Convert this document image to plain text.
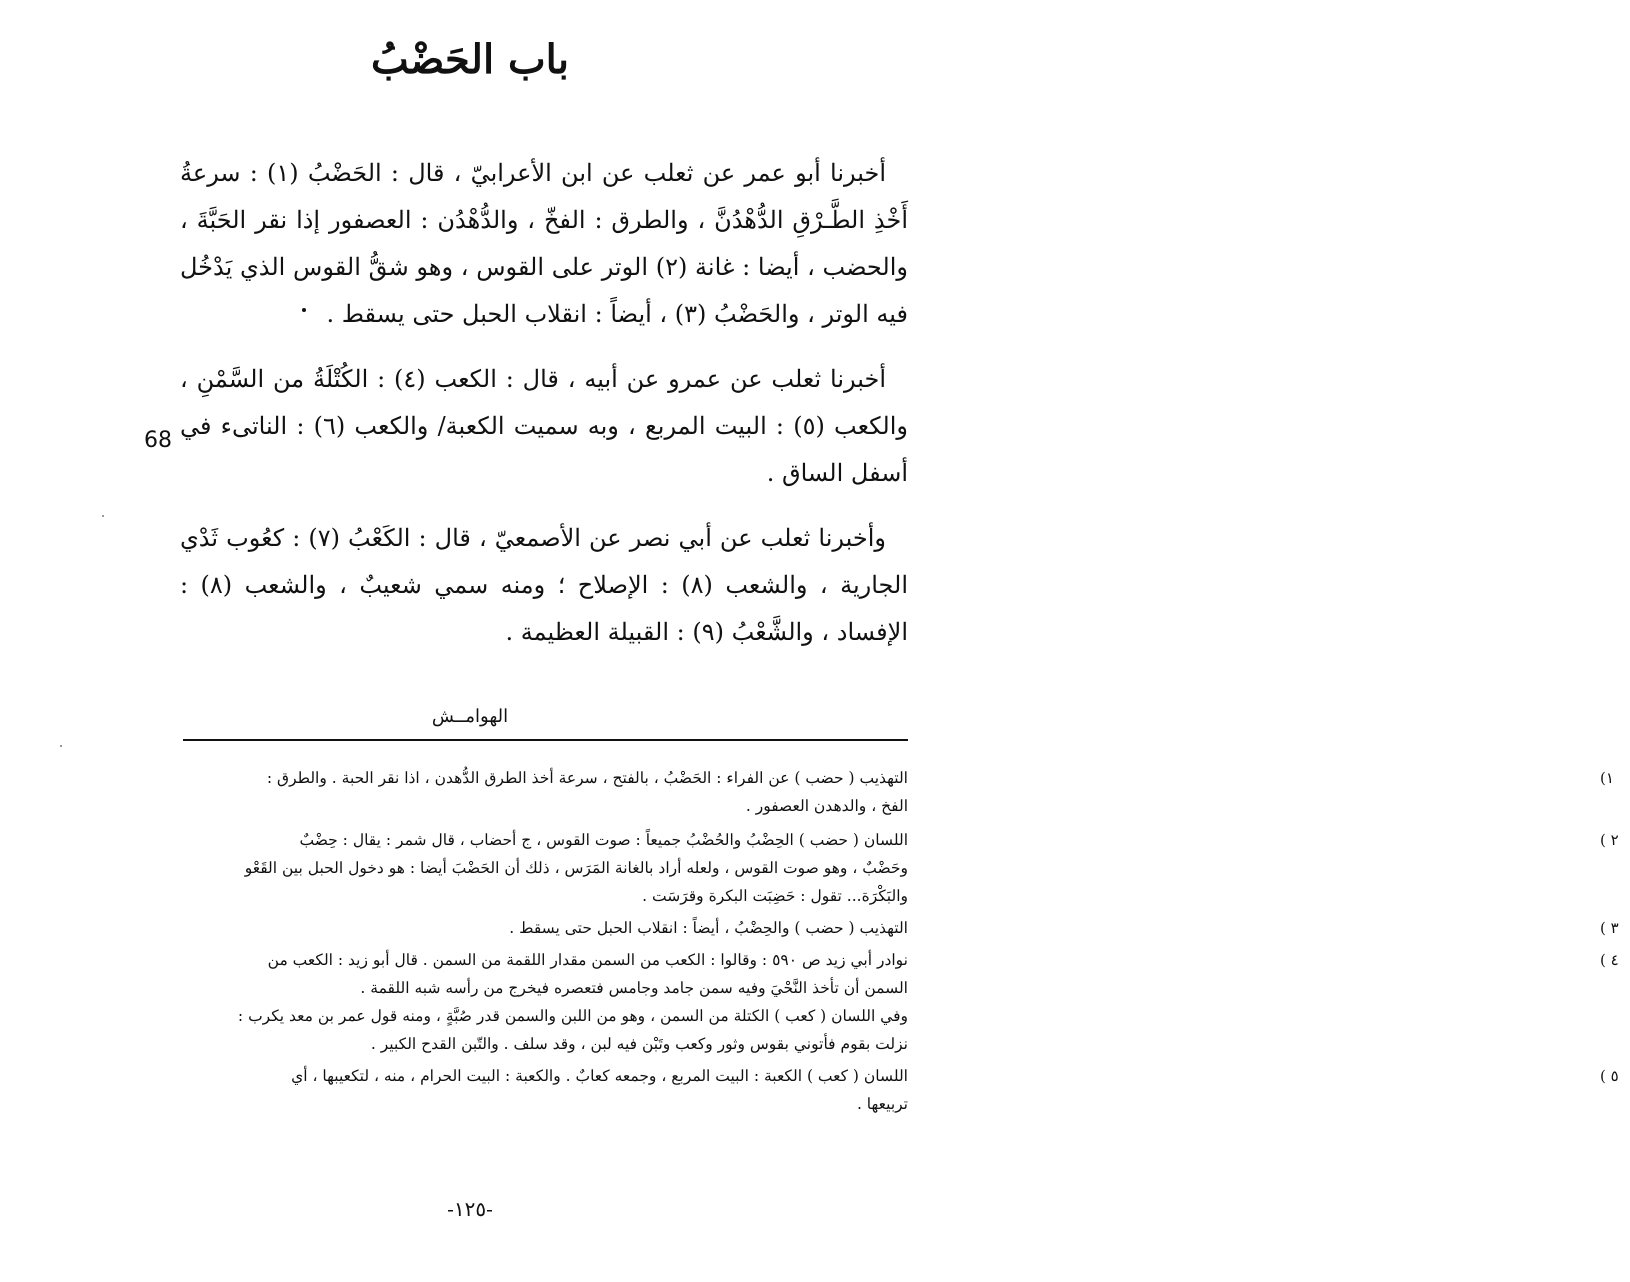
باب الحَضْبُ

أخبرنا أبو عمر عن ثعلب عن ابن الأعرابيّ ، قال : الحَضْبُ (١) : سرعةُ أَخْذِ الطَّـرْقِ الدُّهْدُنَّ ، والطرق : الفخّ ، والدُّهْدُن : العصفور إذا نقر الحَبَّةَ ، والحضب ، أيضا : غانة (٢) الوتر على القوس ، وهو شقُّ القوس الذي يَدْخُل فيه الوتر ، والحَضْبُ (٣) ، أيضاً : انقلاب الحبل حتى يسقط .

أخبرنا ثعلب عن عمرو عن أبيه ، قال : الكعب (٤) : الكُتْلَةُ من السَّمْنِ ، والكعب (٥) : البيت المربع ، وبه سميت الكعبة/ والكعب (٦) : الناتىء في أسفل الساق .

وأخبرنا ثعلب عن أبي نصر عن الأصمعيّ ، قال : الكَعْبُ (٧) : كعُوب ثَدْي الجارية ، والشعب (٨) : الإصلاح ؛ ومنه سمي شعيبٌ ، والشعب (٨) : الإفساد ، والشَّعْبُ (٩) : القبيلة العظيمة .

68
الهوامــش
١)
التهذيب ( حضب ) عن الفراء : الحَضْبُ ، بالفتح ، سرعة أخذ الطرق الدُّهدن ، اذا نقر الحبة . والطرق :
الفخ ، والدهدن العصفور .
٢ )
اللسان ( حضب ) الحِضْبُ والحُضْبُ جميعاً : صوت القوس ، ج أحضاب ، قال شمر : يقال : حِضْبٌ
وحَضْبٌ ، وهو صوت القوس ، ولعله أراد بالغانة المَرَس ، ذلك أن الحَضْبَ أيضا : هو دخول الحبل بين القَعْو
والبَكْرَة... تقول : حَضِبَت البكرة وقرَسَت .
٣ )
التهذيب ( حضب ) والحِضْبُ ، أيضاً : انقلاب الحبل حتى يسقط .
٤ )
نوادر أبي زيد ص ٥٩٠ : وقالوا : الكعب من السمن مقدار اللقمة من السمن . قال أبو زيد : الكعب من
السمن أن تأخذ النَّحْيَ وفيه سمن جامد وجامس فتعصره فيخرج من رأسه شبه اللقمة .
وفي اللسان ( كعب ) الكتلة من السمن ، وهو من اللبن والسمن قدر صُبَّةٍ ، ومنه قول عمر بن معد يكرب :
نزلت بقوم فأتوني بقوس وثور وكعب وتَبْن فيه لبن ، وقد سلف . والتّبن القدح الكبير .
٥ )
اللسان ( كعب ) الكعبة : البيت المربع ، وجمعه كعابٌ . والكعبة : البيت الحرام ، منه ، لتكعيبها ، أي
تربيعها .
-١٢٥-
